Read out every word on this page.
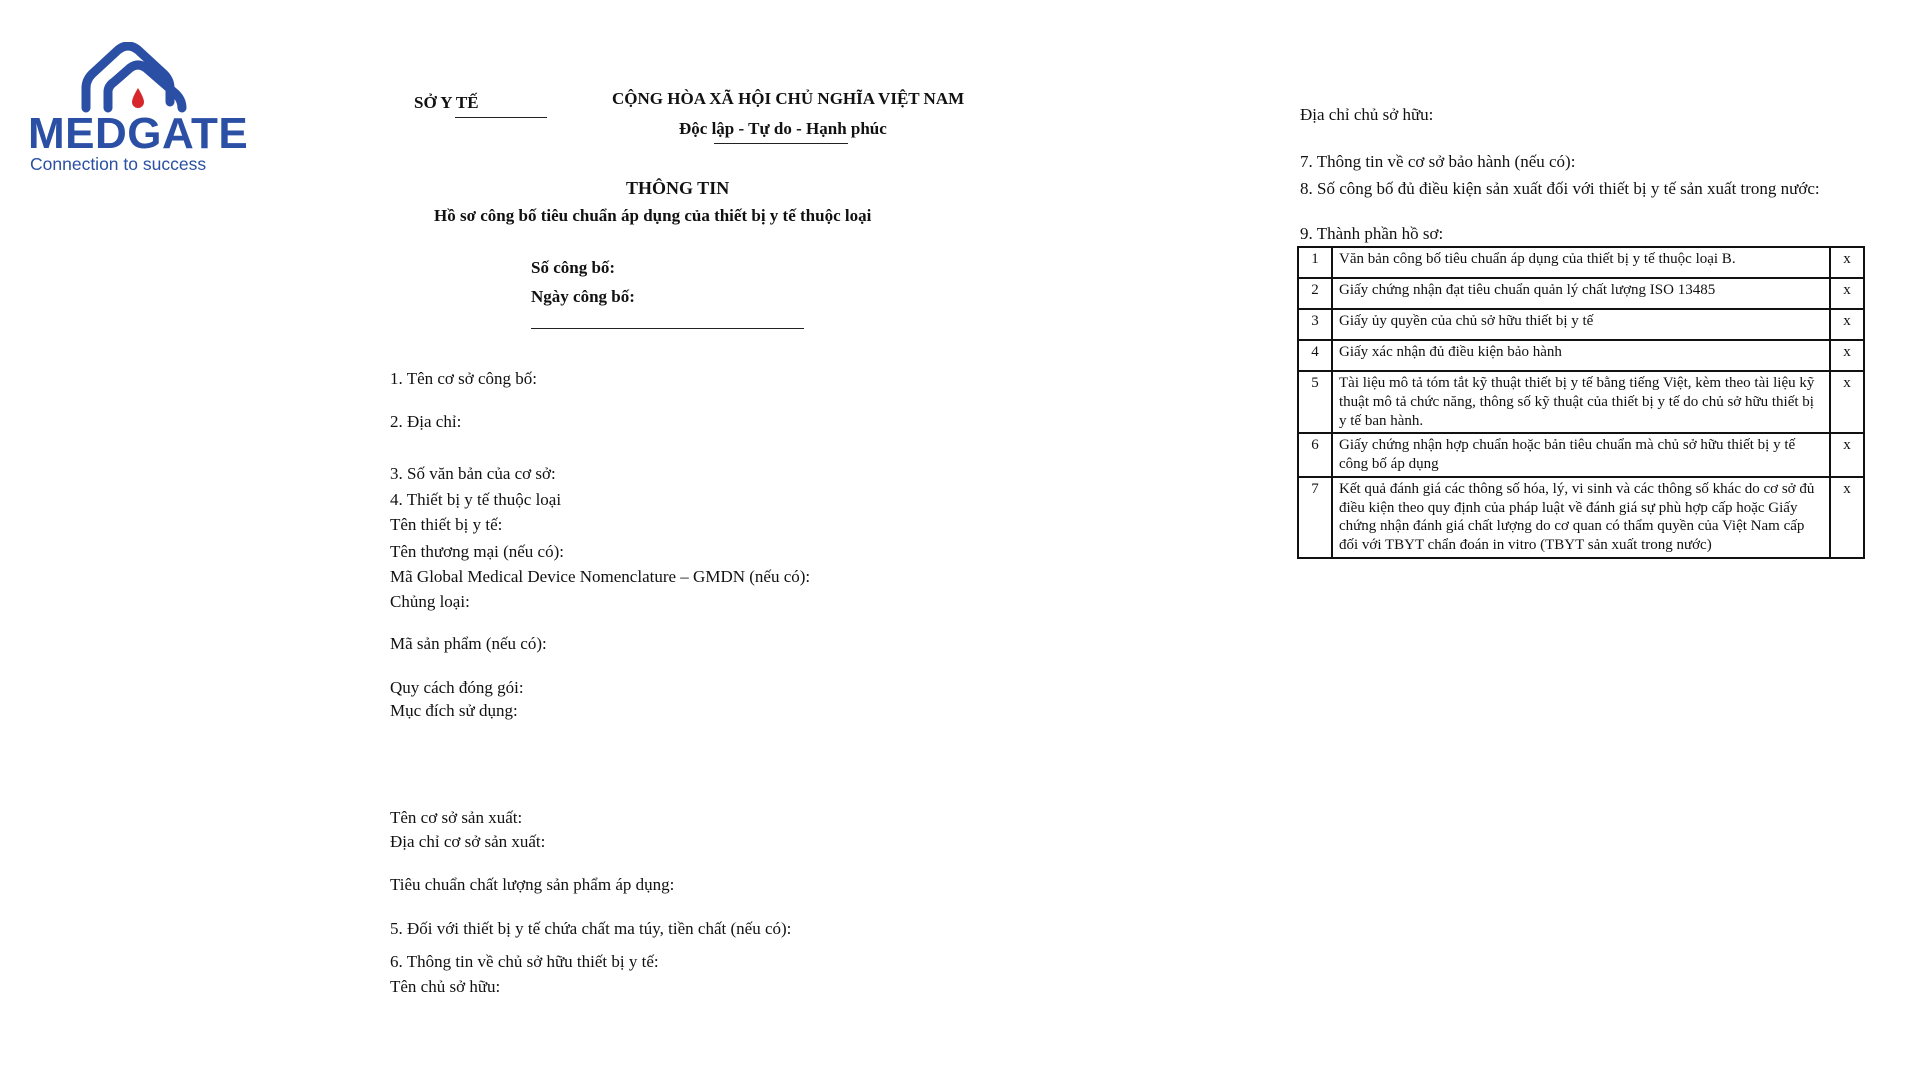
MEDGATE
Connection to success
SỞ Y TẾ	CỘNG HÒA XÃ HỘI CHỦ NGHĨA VIỆT NAM
Độc lập - Tự do - Hạnh phúc
THÔNG TIN
Hồ sơ công bố tiêu chuẩn áp dụng của thiết bị y tế thuộc loại
Số công bố:
Ngày công bố:
1. Tên cơ sở công bố:
2. Địa chỉ:
3. Số văn bản của cơ sở:
4. Thiết bị y tế thuộc loại
Tên thiết bị y tế:
Tên thương mại (nếu có):
Mã Global Medical Device Nomenclature – GMDN (nếu có):
Chủng loại:
Mã sản phẩm (nếu có):
Quy cách đóng gói:
Mục đích sử dụng:
Tên cơ sở sản xuất:
Địa chỉ cơ sở sản xuất:
Tiêu chuẩn chất lượng sản phẩm áp dụng:
5. Đối với thiết bị y tế chứa chất ma túy, tiền chất (nếu có):
6. Thông tin về chủ sở hữu thiết bị y tế:
Tên chủ sở hữu:
Địa chỉ chủ sở hữu:
7. Thông tin về cơ sở bảo hành (nếu có):
8. Số công bố đủ điều kiện sản xuất đối với thiết bị y tế sản xuất trong nước:
9. Thành phần hồ sơ:
1	Văn bản công bố tiêu chuẩn áp dụng của thiết bị y tế thuộc loại B.	x
2	Giấy chứng nhận đạt tiêu chuẩn quản lý chất lượng ISO 13485	x
3	Giấy ủy quyền của chủ sở hữu thiết bị y tế	x
4	Giấy xác nhận đủ điều kiện bảo hành	x
5	Tài liệu mô tả tóm tắt kỹ thuật thiết bị y tế bằng tiếng Việt, kèm theo tài liệu kỹ thuật mô tả chức năng, thông số kỹ thuật của thiết bị y tế do chủ sở hữu thiết bị y tế ban hành.	x
6	Giấy chứng nhận hợp chuẩn hoặc bản tiêu chuẩn mà chủ sở hữu thiết bị y tế công bố áp dụng	x
7	Kết quả đánh giá các thông số hóa, lý, vi sinh và các thông số khác do cơ sở đủ điều kiện theo quy định của pháp luật về đánh giá sự phù hợp cấp hoặc Giấy chứng nhận đánh giá chất lượng do cơ quan có thẩm quyền của Việt Nam cấp đối với TBYT chẩn đoán in vitro (TBYT sản xuất trong nước)	x
